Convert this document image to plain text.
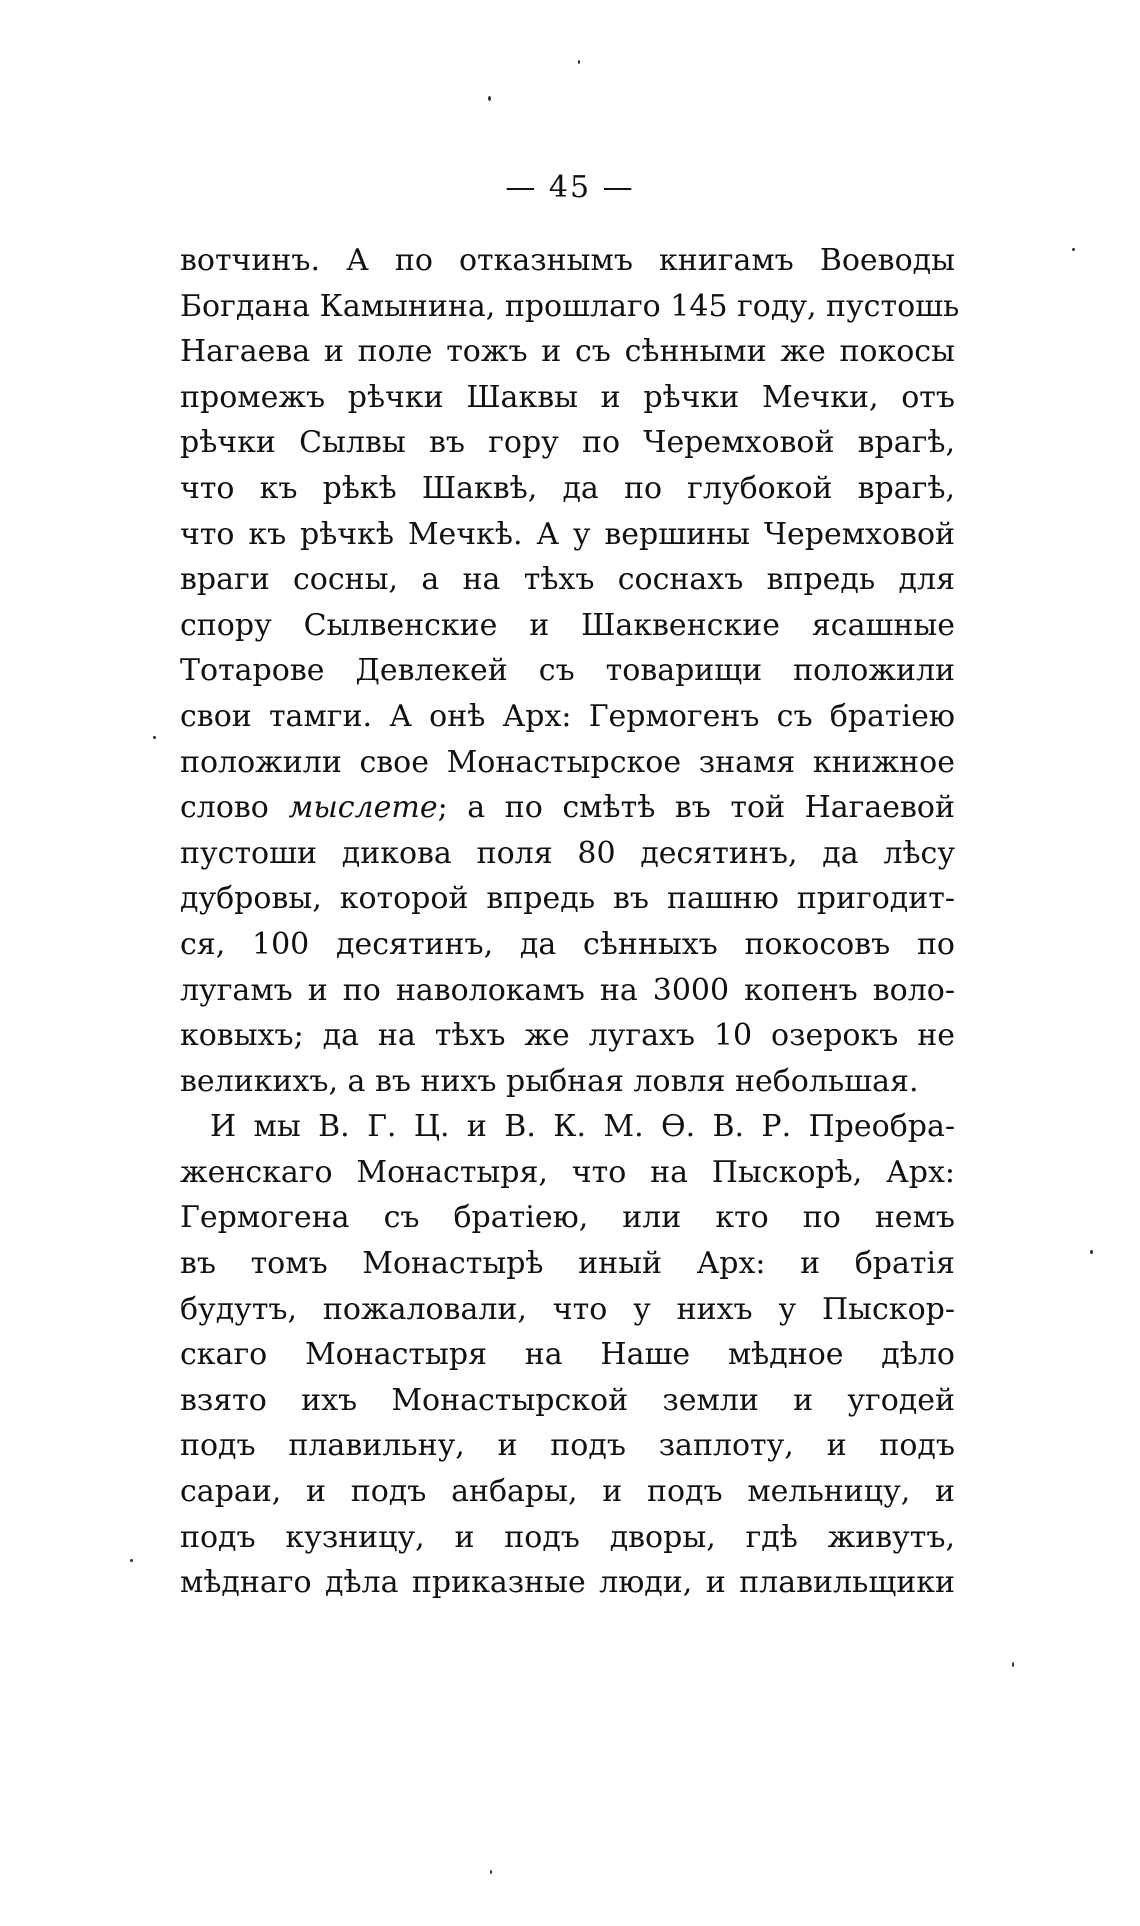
— 45 —
вотчинъ. А по отказнымъ книгамъ Воеводы
Богдана Камынина, прошлаго 145 году, пустошь
Нагаева и поле тожъ и съ сѣнными же покосы
промежъ рѣчки Шаквы и рѣчки Мечки, отъ
рѣчки Сылвы въ гору по Черемховой врагѣ,
что къ рѣкѣ Шаквѣ, да по глубокой врагѣ,
что къ рѣчкѣ Мечкѣ. А у вершины Черемховой
враги сосны, а на тѣхъ соснахъ впредь для
спору Сылвенские и Шаквенские ясашные
Тотарове Девлекей съ товарищи положили
свои тамги. А онѣ Арх: Гермогенъ съ братiею
положили свое Монастырское знамя книжное
слово мыслете; а по смѣтѣ въ той Нагаевой
пустоши дикова поля 80 десятинъ, да лѣсу
дубровы, которой впредь въ пашню пригодит-
ся, 100 десятинъ, да сѣнныхъ покосовъ по
лугамъ и по наволокамъ на 3000 копенъ воло-
ковыхъ; да на тѣхъ же лугахъ 10 озерокъ не
великихъ, а въ нихъ рыбная ловля небольшая.
И мы В. Г. Ц. и В. К. М. Ѳ. В. Р. Преобра-
женскаго Монастыря, что на Пыскорѣ, Арх:
Гермогена съ братiею, или кто по немъ
въ томъ Монастырѣ иный Арх: и братiя
будутъ, пожаловали, что у нихъ у Пыскор-
скаго Монастыря на Наше мѣдное дѣло
взято ихъ Монастырской земли и угодей
подъ плавильну, и подъ заплоту, и подъ
сараи, и подъ анбары, и подъ мельницу, и
подъ кузницу, и подъ дворы, гдѣ живутъ,
мѣднаго дѣла приказные люди, и плавильщики
